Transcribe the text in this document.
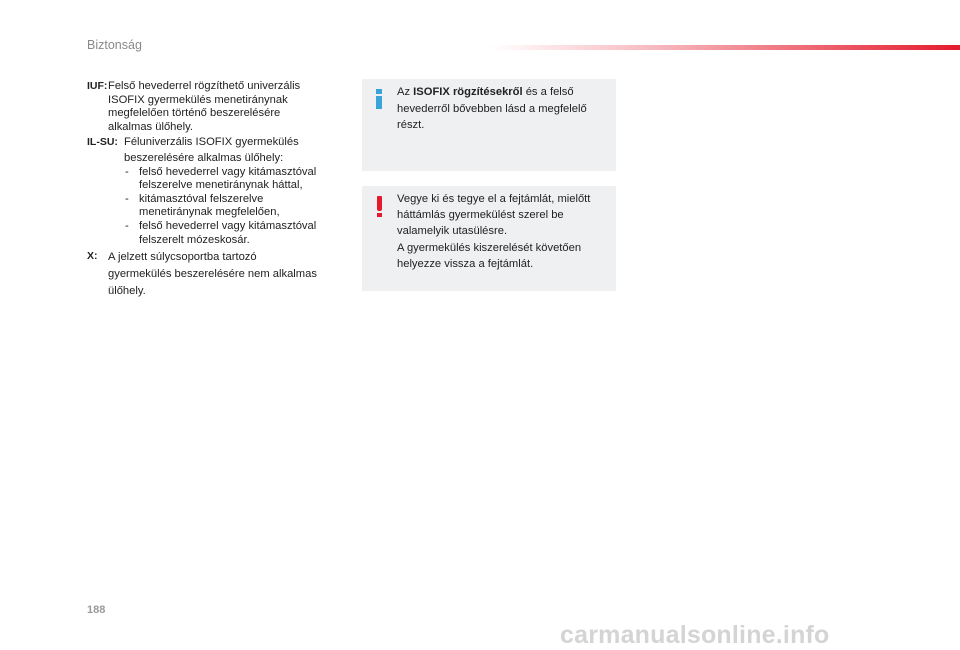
Biztonság
IUF: Felső hevederrel rögzíthető univerzális
ISOFIX gyermekülés menetiránynak
megfelelően történő beszerelésére
alkalmas ülőhely.
IL-SU: Féluniverzális ISOFIX gyermekülés
beszerelésére alkalmas ülőhely:
- felső hevederrel vagy kitámasztóval
felszerelve menetiránynak háttal,
- kitámasztóval felszerelve
menetiránynak megfelelően,
- felső hevederrel vagy kitámasztóval
felszerelt mózeskosár.
X: A jelzett súlycsoportba tartozó
gyermekülés beszerelésére nem alkalmas
ülőhely.
Az ISOFIX rögzítésekről és a felső
hevederről bővebben lásd a megfelelő
részt.
Vegye ki és tegye el a fejtámlát, mielőtt
háttámlás gyermekülést szerel be
valamelyik utasülésre.
A gyermekülés kiszerelését követően
helyezze vissza a fejtámlát.
188
carmanualsonline.info
